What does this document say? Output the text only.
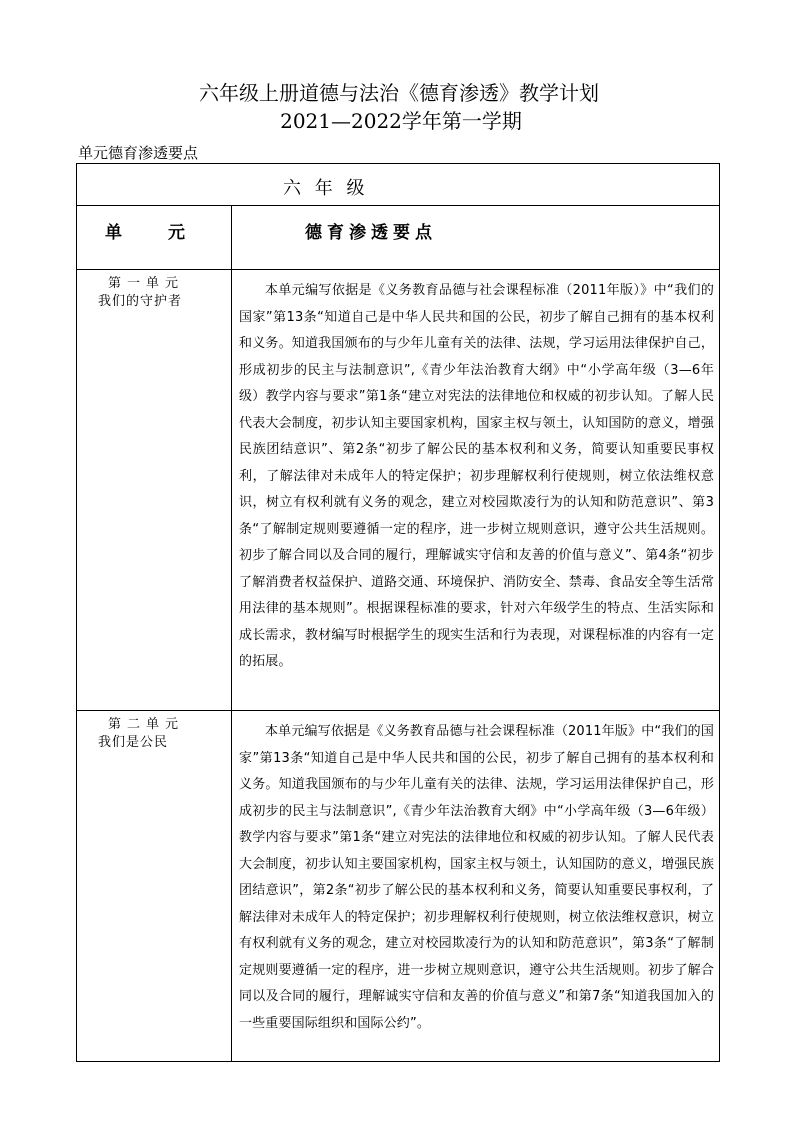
六年级上册道德与法治《德育渗透》教学计划
2021—2022学年第一学期
单元德育渗透要点
六 年 级	

单 元	德育渗透要点

第一单元
我们的守护者	本单元编写依据是《义务教育品德与社会课程标准（2011年版）》中“我们的国家”第13条“知道自己是中华人民共和国的公民，初步了解自己拥有的基本权利和义务。知道我国颁布的与少年儿童有关的法律、法规，学习运用法律保护自己，形成初步的民主与法制意识”,《青少年法治教育大纲》中“小学高年级（3—6年级）教学内容与要求”第1条“建立对宪法的法律地位和权威的初步认知。了解人民代表大会制度，初步认知主要国家机构，国家主权与领土，认知国防的意义，增强民族团结意识”、第2条“初步了解公民的基本权利和义务，简要认知重要民事权利，了解法律对未成年人的特定保护；初步理解权利行使规则，树立依法维权意识，树立有权利就有义务的观念，建立对校园欺凌行为的认知和防范意识”、第3条“了解制定规则要遵循一定的程序，进一步树立规则意识，遵守公共生活规则。初步了解合同以及合同的履行，理解诚实守信和友善的价值与意义”、第4条“初步了解消费者权益保护、道路交通、环境保护、消防安全、禁毒、食品安全等生活常用法律的基本规则”。根据课程标准的要求，针对六年级学生的特点、生活实际和成长需求，教材编写时根据学生的现实生活和行为表现，对课程标准的内容有一定的拓展。

第二单元
我们是公民	本单元编写依据是《义务教育品德与社会课程标准（2011年版》中“我们的国家”第13条“知道自己是中华人民共和国的公民，初步了解自己拥有的基本权利和义务。知道我国颁布的与少年儿童有关的法律、法规，学习运用法律保护自己，形成初步的民主与法制意识”,《青少年法治教育大纲》中“小学高年级（3—6年级）教学内容与要求”第1条“建立对宪法的法律地位和权威的初步认知。了解人民代表大会制度，初步认知主要国家机构，国家主权与领土，认知国防的意义，增强民族团结意识”，第2条“初步了解公民的基本权利和义务，简要认知重要民事权利，了解法律对未成年人的特定保护；初步理解权利行使规则，树立依法维权意识，树立有权利就有义务的观念，建立对校园欺凌行为的认知和防范意识”，第3条“了解制定规则要遵循一定的程序，进一步树立规则意识，遵守公共生活规则。初步了解合同以及合同的履行，理解诚实守信和友善的价值与意义”和第7条“知道我国加入的一些重要国际组织和国际公约”。
